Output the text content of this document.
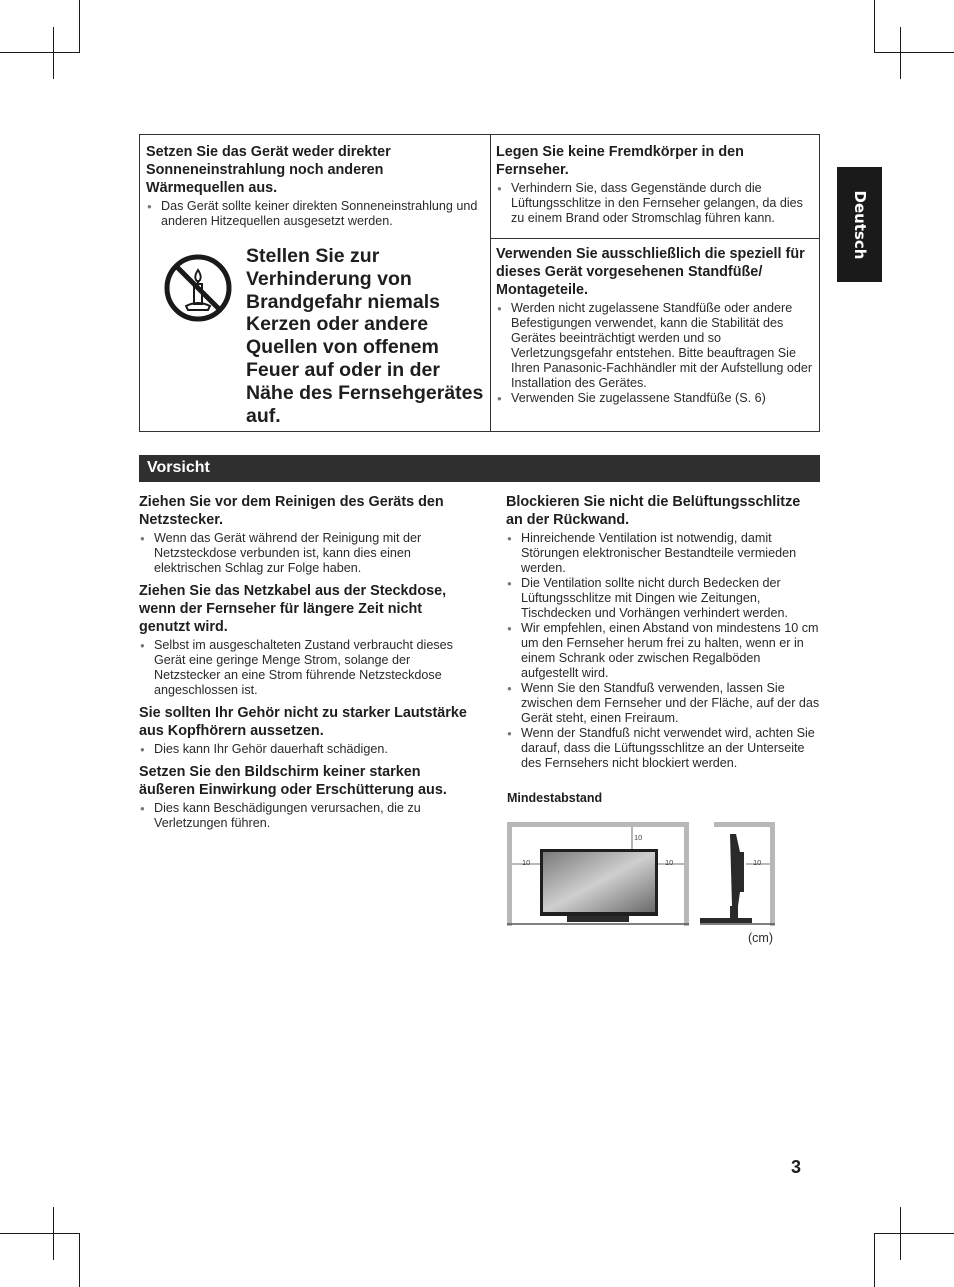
Deutsch
Setzen Sie das Gerät weder direkter Sonneneinstrahlung noch anderen Wärmequellen aus.
● Das Gerät sollte keiner direkten Sonneneinstrahlung und anderen Hitzequellen ausgesetzt werden.
Stellen Sie zur Verhinderung von Brandgefahr niemals Kerzen oder andere Quellen von offenem Feuer auf oder in der Nähe des Fernsehgerätes auf.
Legen Sie keine Fremdkörper in den Fernseher.
● Verhindern Sie, dass Gegenstände durch die Lüftungsschlitze in den Fernseher gelangen, da dies zu einem Brand oder Stromschlag führen kann.
Verwenden Sie ausschließlich die speziell für dieses Gerät vorgesehenen Standfüße/ Montageteile.
● Werden nicht zugelassene Standfüße oder andere Befestigungen verwendet, kann die Stabilität des Gerätes beeinträchtigt werden und so Verletzungsgefahr entstehen. Bitte beauftragen Sie Ihren Panasonic-Fachhändler mit der Aufstellung oder Installation des Gerätes.
● Verwenden Sie zugelassene Standfüße (S. 6)
Vorsicht
Ziehen Sie vor dem Reinigen des Geräts den Netzstecker.
● Wenn das Gerät während der Reinigung mit der Netzsteckdose verbunden ist, kann dies einen elektrischen Schlag zur Folge haben.
Ziehen Sie das Netzkabel aus der Steckdose, wenn der Fernseher für längere Zeit nicht genutzt wird.
● Selbst im ausgeschalteten Zustand verbraucht dieses Gerät eine geringe Menge Strom, solange der Netzstecker an eine Strom führende Netzsteckdose angeschlossen ist.
Sie sollten Ihr Gehör nicht zu starker Lautstärke aus Kopfhörern aussetzen.
● Dies kann Ihr Gehör dauerhaft schädigen.
Setzen Sie den Bildschirm keiner starken äußeren Einwirkung oder Erschütterung aus.
● Dies kann Beschädigungen verursachen, die zu Verletzungen führen.
Blockieren Sie nicht die Belüftungsschlitze an der Rückwand.
● Hinreichende Ventilation ist notwendig, damit Störungen elektronischer Bestandteile vermieden werden.
● Die Ventilation sollte nicht durch Bedecken der Lüftungsschlitze mit Dingen wie Zeitungen, Tischdecken und Vorhängen verhindert werden.
● Wir empfehlen, einen Abstand von mindestens 10 cm um den Fernseher herum frei zu halten, wenn er in einem Schrank oder zwischen Regalböden aufgestellt wird.
● Wenn Sie den Standfuß verwenden, lassen Sie zwischen dem Fernseher und der Fläche, auf der das Gerät steht, einen Freiraum.
● Wenn der Standfuß nicht verwendet wird, achten Sie darauf, dass die Lüftungsschlitze an der Unterseite des Fernsehers nicht blockiert werden.
Mindestabstand
10
10	10	10
(cm)
3
